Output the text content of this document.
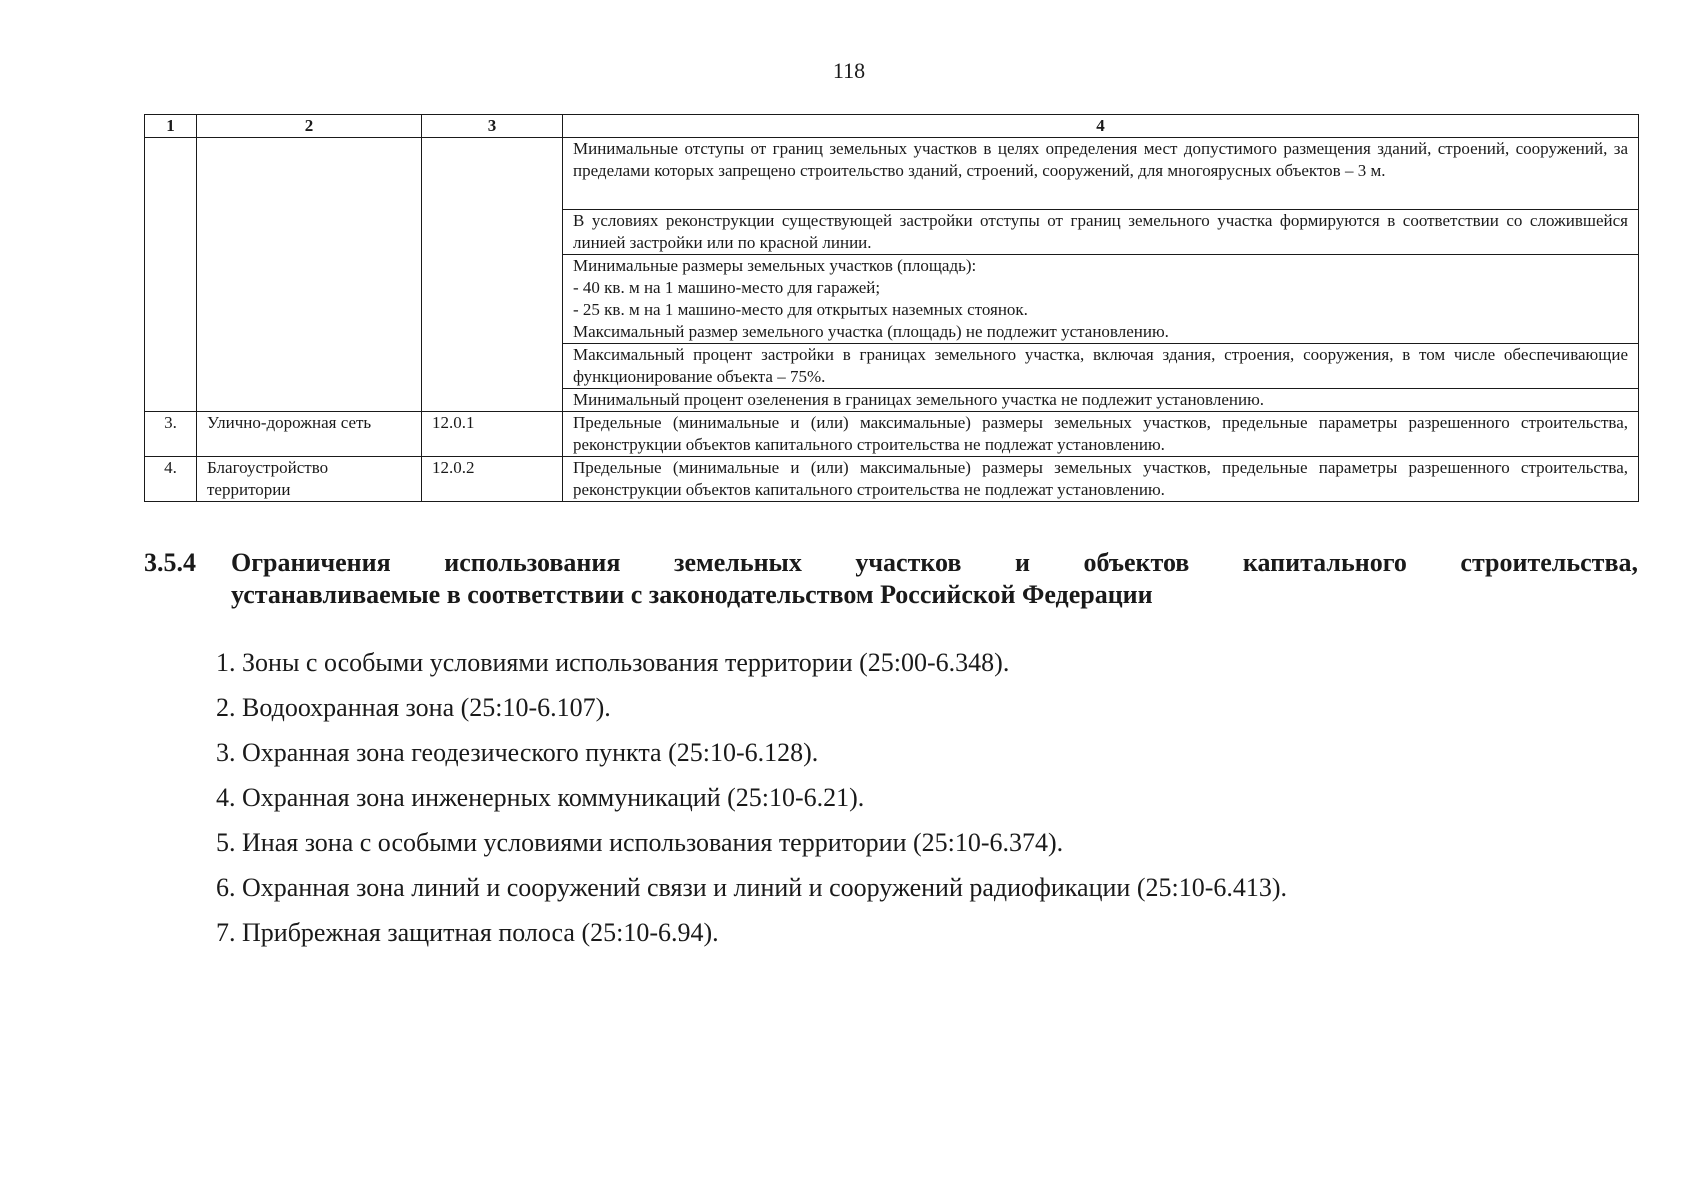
118
1	2	3	4
			Минимальные отступы от границ земельных участков в целях определения мест допустимого размещения зданий, строений, сооружений, за пределами которых запрещено строительство зданий, строений, сооружений, для многоярусных объектов – 3 м.
			В условиях реконструкции существующей застройки отступы от границ земельного участка формируются в соответствии со сложившейся линией застройки или по красной линии.

			Минимальные размеры земельных участков (площадь):
- 40 кв. м на 1 машино-место для гаражей;
- 25 кв. м на 1 машино-место для открытых наземных стоянок.
Максимальный размер земельного участка (площадь) не подлежит установлению.

			Максимальный процент застройки в границах земельного участка, включая здания, строения, сооружения, в том числе обеспечивающие функционирование объекта – 75%.
			Минимальный процент озеленения в границах земельного участка не подлежит установлению.
3.	Улично-дорожная сеть	12.0.1	Предельные (минимальные и (или) максимальные) размеры земельных участков, предельные параметры разрешенного строительства, реконструкции объектов капитального строительства не подлежат установлению.
4.	Благоустройство территории	12.0.2	Предельные (минимальные и (или) максимальные) размеры земельных участков, предельные параметры разрешенного строительства, реконструкции объектов капитального строительства не подлежат установлению.
3.5.4 Ограничения использования земельных участков и объектов капитального строительства,
устанавливаемые в соответствии с законодательством Российской Федерации
1. Зоны с особыми условиями использования территории (25:00-6.348).
2. Водоохранная зона (25:10-6.107).
3. Охранная зона геодезического пункта (25:10-6.128).
4. Охранная зона инженерных коммуникаций (25:10-6.21).
5. Иная зона с особыми условиями использования территории (25:10-6.374).
6. Охранная зона линий и сооружений связи и линий и сооружений радиофикации (25:10-6.413).
7. Прибрежная защитная полоса (25:10-6.94).
